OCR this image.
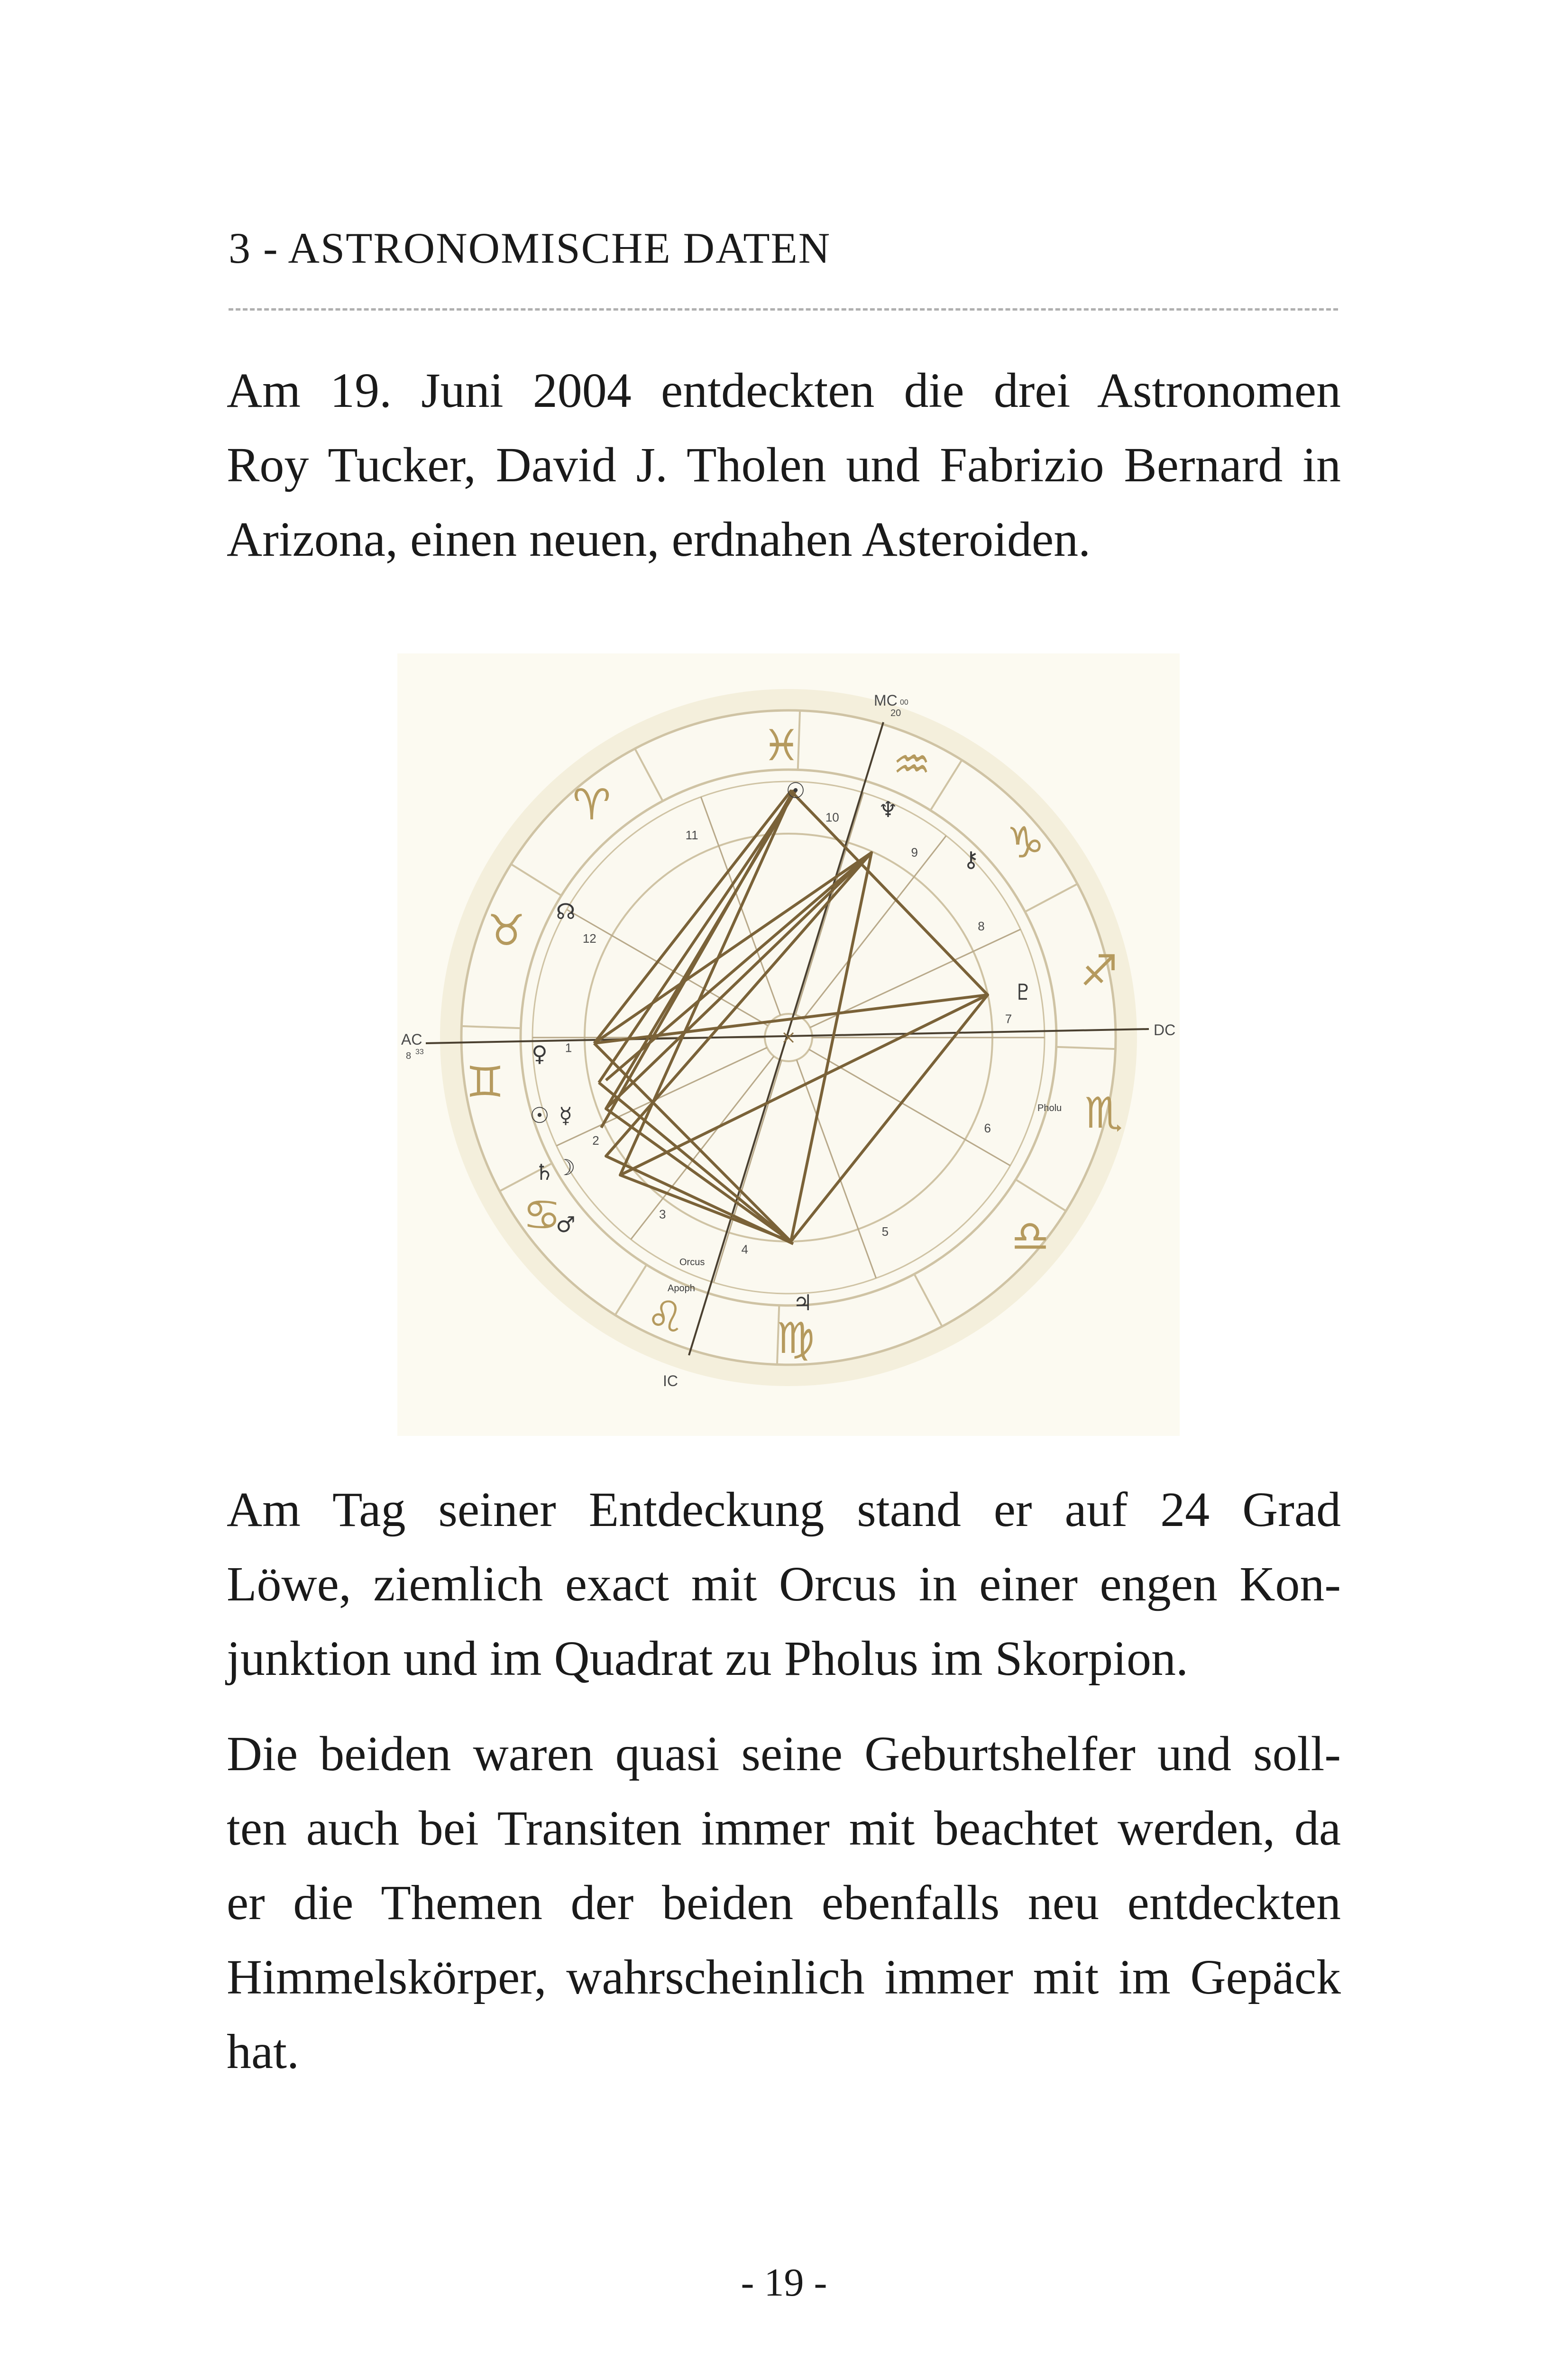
3 - ASTRONOMISCHE DATEN
Am 19. Juni 2004 entdeckten die drei Astronomen
Roy Tucker, David J. Tholen und Fabrizio Bernard in
Arizona, einen neuen, erdnahen Asteroiden.
1
2
3
4
5
6
7
8
9
10
11
12
MC
20
00
AC
8 33
DC
IC
♓ ♒
♑
♐
♏
♎
♍
♌
♋
♊
♉
♈	☉
♆
⚷
♇
♀
☉ ☿
♄ ☽
♂
☊
♃
Orcus
Apoph
Pholu
Am Tag seiner Entdeckung stand er auf 24 Grad
Löwe, ziemlich exact mit Orcus in einer engen Kon-
junktion und im Quadrat zu Pholus im Skorpion.
Die beiden waren quasi seine Geburtshelfer und soll-
ten auch bei Transiten immer mit beachtet werden, da
er die Themen der beiden ebenfalls neu entdeckten
Himmelskörper, wahrscheinlich immer mit im Gepäck
hat.
- 19 -
